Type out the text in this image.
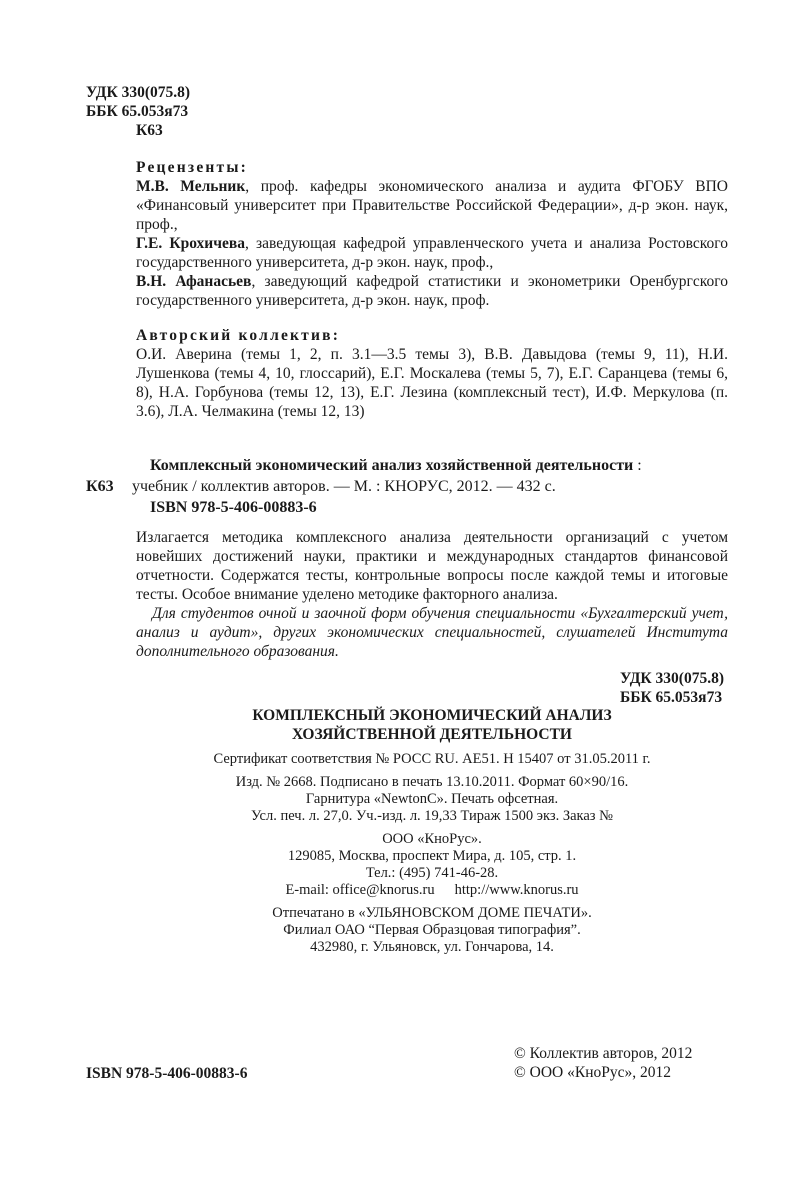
УДК 330(075.8)
ББК 65.053я73
К63
Рецензенты:

М.В. Мельник, проф. кафедры экономического анализа и аудита ФГОБУ ВПО «Финансовый университет при Правительстве Российской Федерации», д-р экон. наук, проф.,

Г.Е. Крохичева, заведующая кафедрой управленческого учета и анализа Ростовского государственного университета, д-р экон. наук, проф.,

В.Н. Афанасьев, заведующий кафедрой статистики и эконометрики Оренбургского государственного университета, д-р экон. наук, проф.

Авторский коллектив:

О.И. Аверина (темы 1, 2, п. 3.1—3.5 темы 3), В.В. Давыдова (темы 9, 11), Н.И. Лушенкова (темы 4, 10, глоссарий), Е.Г. Москалева (темы 5, 7), Е.Г. Саранцева (темы 6, 8), Н.А. Горбунова (темы 12, 13), Е.Г. Лезина (комплексный тест), И.Ф. Меркулова (п. 3.6), Л.А. Челмакина (темы 12, 13)

Комплексный экономический анализ хозяйственной деятельности :
К63 учебник / коллектив авторов. — М. : КНОРУС, 2012. — 432 с.
ISBN 978-5-406-00883-6

Излагается методика комплексного анализа деятельности организаций с учетом новейших достижений науки, практики и международных стандартов финансовой отчетности. Содержатся тесты, контрольные вопросы после каждой темы и итоговые тесты. Особое внимание уделено методике факторного анализа.

Для студентов очной и заочной форм обучения специальности «Бухгалтерский учет, анализ и аудит», других экономических специальностей, слушателей Института дополнительного образования.

УДК 330(075.8)
ББК 65.053я73
КОМПЛЕКСНЫЙ ЭКОНОМИЧЕСКИЙ АНАЛИЗ
ХОЗЯЙСТВЕННОЙ ДЕЯТЕЛЬНОСТИ
Сертификат соответствия № РОСС RU. АЕ51. Н 15407 от 31.05.2011 г.
Изд. № 2668. Подписано в печать 13.10.2011. Формат 60×90/16.
Гарнитура «NewtonC». Печать офсетная.
Усл. печ. л. 27,0. Уч.-изд. л. 19,33 Тираж 1500 экз. Заказ №
ООО «КноРус».
129085, Москва, проспект Мира, д. 105, стр. 1.
Тел.: (495) 741-46-28.
E-mail: office@knorus.ru http://www.knorus.ru
Отпечатано в «УЛЬЯНОВСКОМ ДОМЕ ПЕЧАТИ».
Филиал ОАО “Первая Образцовая типография”.
432980, г. Ульяновск, ул. Гончарова, 14.
ISBN 978-5-406-00883-6
© Коллектив авторов, 2012
© ООО «КноРус», 2012
